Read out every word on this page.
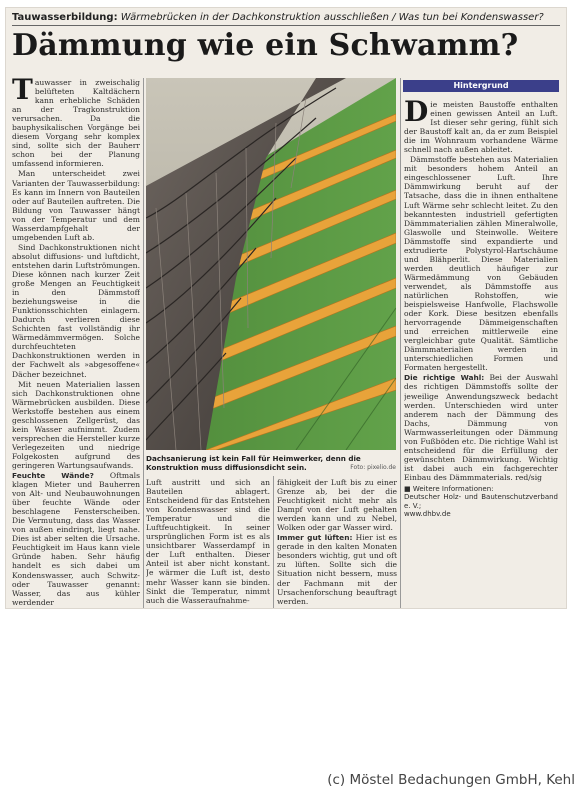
Tauwasserbildung: Wärmebrücken in der Dachkonstruktion ausschließen / Was tun bei Kondenswasser?
Dämmung wie ein Schwamm?

Tauwasser in zweischalig belüfteten Kaltdächern kann erhebliche Schäden an der Tragkonstruktion verursachen. Da die bauphysikalischen Vorgänge bei diesem Vorgang sehr komplex sind, sollte sich der Bauherr schon bei der Planung umfassend informieren.

Man unterscheidet zwei Varianten der Tauwasserbildung: Es kann im Innern von Bauteilen oder auf Bauteilen auftreten. Die Bildung von Tauwasser hängt von der Temperatur und dem Wasserdampfgehalt der umgebenden Luft ab.

Sind Dachkonstruktionen nicht absolut diffusions- und luftdicht, entstehen darin Luftströmungen. Diese können nach kurzer Zeit große Mengen an Feuchtigkeit in den Dämmstoff beziehungsweise in die Funktionsschichten einlagern. Dadurch verlieren diese Schichten fast vollständig ihr Wärmedämmvermögen. Solche durchfeuchteten Dachkonstruktionen werden in der Fachwelt als »abgesoffene« Dächer bezeichnet.

Mit neuen Materialien lassen sich Dachkonstruktionen ohne Wärmebrücken ausbilden. Diese Werkstoffe bestehen aus einem geschlossenen Zellgerüst, das kein Wasser aufnimmt. Zudem versprechen die Hersteller kurze Verlegezeiten und niedrige Folgekosten aufgrund des geringeren Wartungsaufwands.

Feuchte Wände? Oftmals klagen Mieter und Bauherren von Alt- und Neubauwohnungen über feuchte Wände oder beschlagene Fensterscheiben. Die Vermutung, dass das Wasser von außen eindringt, liegt nahe. Dies ist aber selten die Ursache. Feuchtigkeit im Haus kann viele Gründe haben. Sehr häufig handelt es sich dabei um Kondenswasser, auch Schwitz- oder Tauwasser genannt: Wasser, das aus kühler werdender

Dachsanierung ist kein Fall für Heimwerker, denn die Konstruktion muss diffusionsdicht sein.	Foto: pixelio.de

Luft austritt und sich an Bauteilen ablagert. Entscheidend für das Entstehen von Kondenswasser sind die Temperatur und die Luftfeuchtigkeit. In seiner ursprünglichen Form ist es als unsichtbarer Wasserdampf in der Luft enthalten. Dieser Anteil ist aber nicht konstant. Je wärmer die Luft ist, desto mehr Wasser kann sie binden. Sinkt die Temperatur, nimmt auch die Wasseraufnahme-

fähigkeit der Luft bis zu einer Grenze ab, bei der die Feuchtigkeit nicht mehr als Dampf von der Luft gehalten werden kann und zu Nebel, Wolken oder gar Wasser wird.

Immer gut lüften: Hier ist es gerade in den kalten Monaten besonders wichtig, gut und oft zu lüften. Sollte sich die Situation nicht bessern, muss der Fachmann mit der Ursachenforschung beauftragt werden.

Hintergrund

Die meisten Baustoffe enthalten einen gewissen Anteil an Luft. Ist dieser sehr gering, fühlt sich der Baustoff kalt an, da er zum Beispiel die im Wohnraum vorhandene Wärme schnell nach außen ableitet.

Dämmstoffe bestehen aus Materialien mit besonders hohem Anteil an eingeschlossener Luft. Ihre Dämmwirkung beruht auf der Tatsache, dass die in ihnen enthaltene Luft Wärme sehr schlecht leitet. Zu den bekanntesten industriell gefertigten Dämmmaterialien zählen Mineralwolle, Glaswolle und Steinwolle. Weitere Dämmstoffe sind expandierte und extrudierte Polystyrol-Hartschäume und Blähperlit. Diese Materialien werden deutlich häufiger zur Wärmedämmung von Gebäuden verwendet, als Dämmstoffe aus natürlichen Rohstoffen, wie beispielsweise Hanfwolle, Flachswolle oder Kork. Diese besitzen ebenfalls hervorragende Dämmeigenschaften und erreichen mittlerweile eine vergleichbar gute Qualität. Sämtliche Dämmmaterialien werden in unterschiedlichen Formen und Formaten hergestellt.

Die richtige Wahl: Bei der Auswahl des richtigen Dämmstoffs sollte der jeweilige Anwendungszweck bedacht werden. Unterschieden wird unter anderem nach der Dämmung des Dachs, Dämmung von Warmwasserleitungen oder Dämmung von Fußböden etc. Die richtige Wahl ist entscheidend für die Erfüllung der gewünschten Dämmwirkung. Wichtig ist dabei auch ein fachgerechter Einbau des Dämmmaterials. red/sig

■ Weitere Informationen:
Deutscher Holz- und Bautenschutzverband e. V.;
www.dhbv.de
(c) Möstel Bedachungen GmbH, Kehl
